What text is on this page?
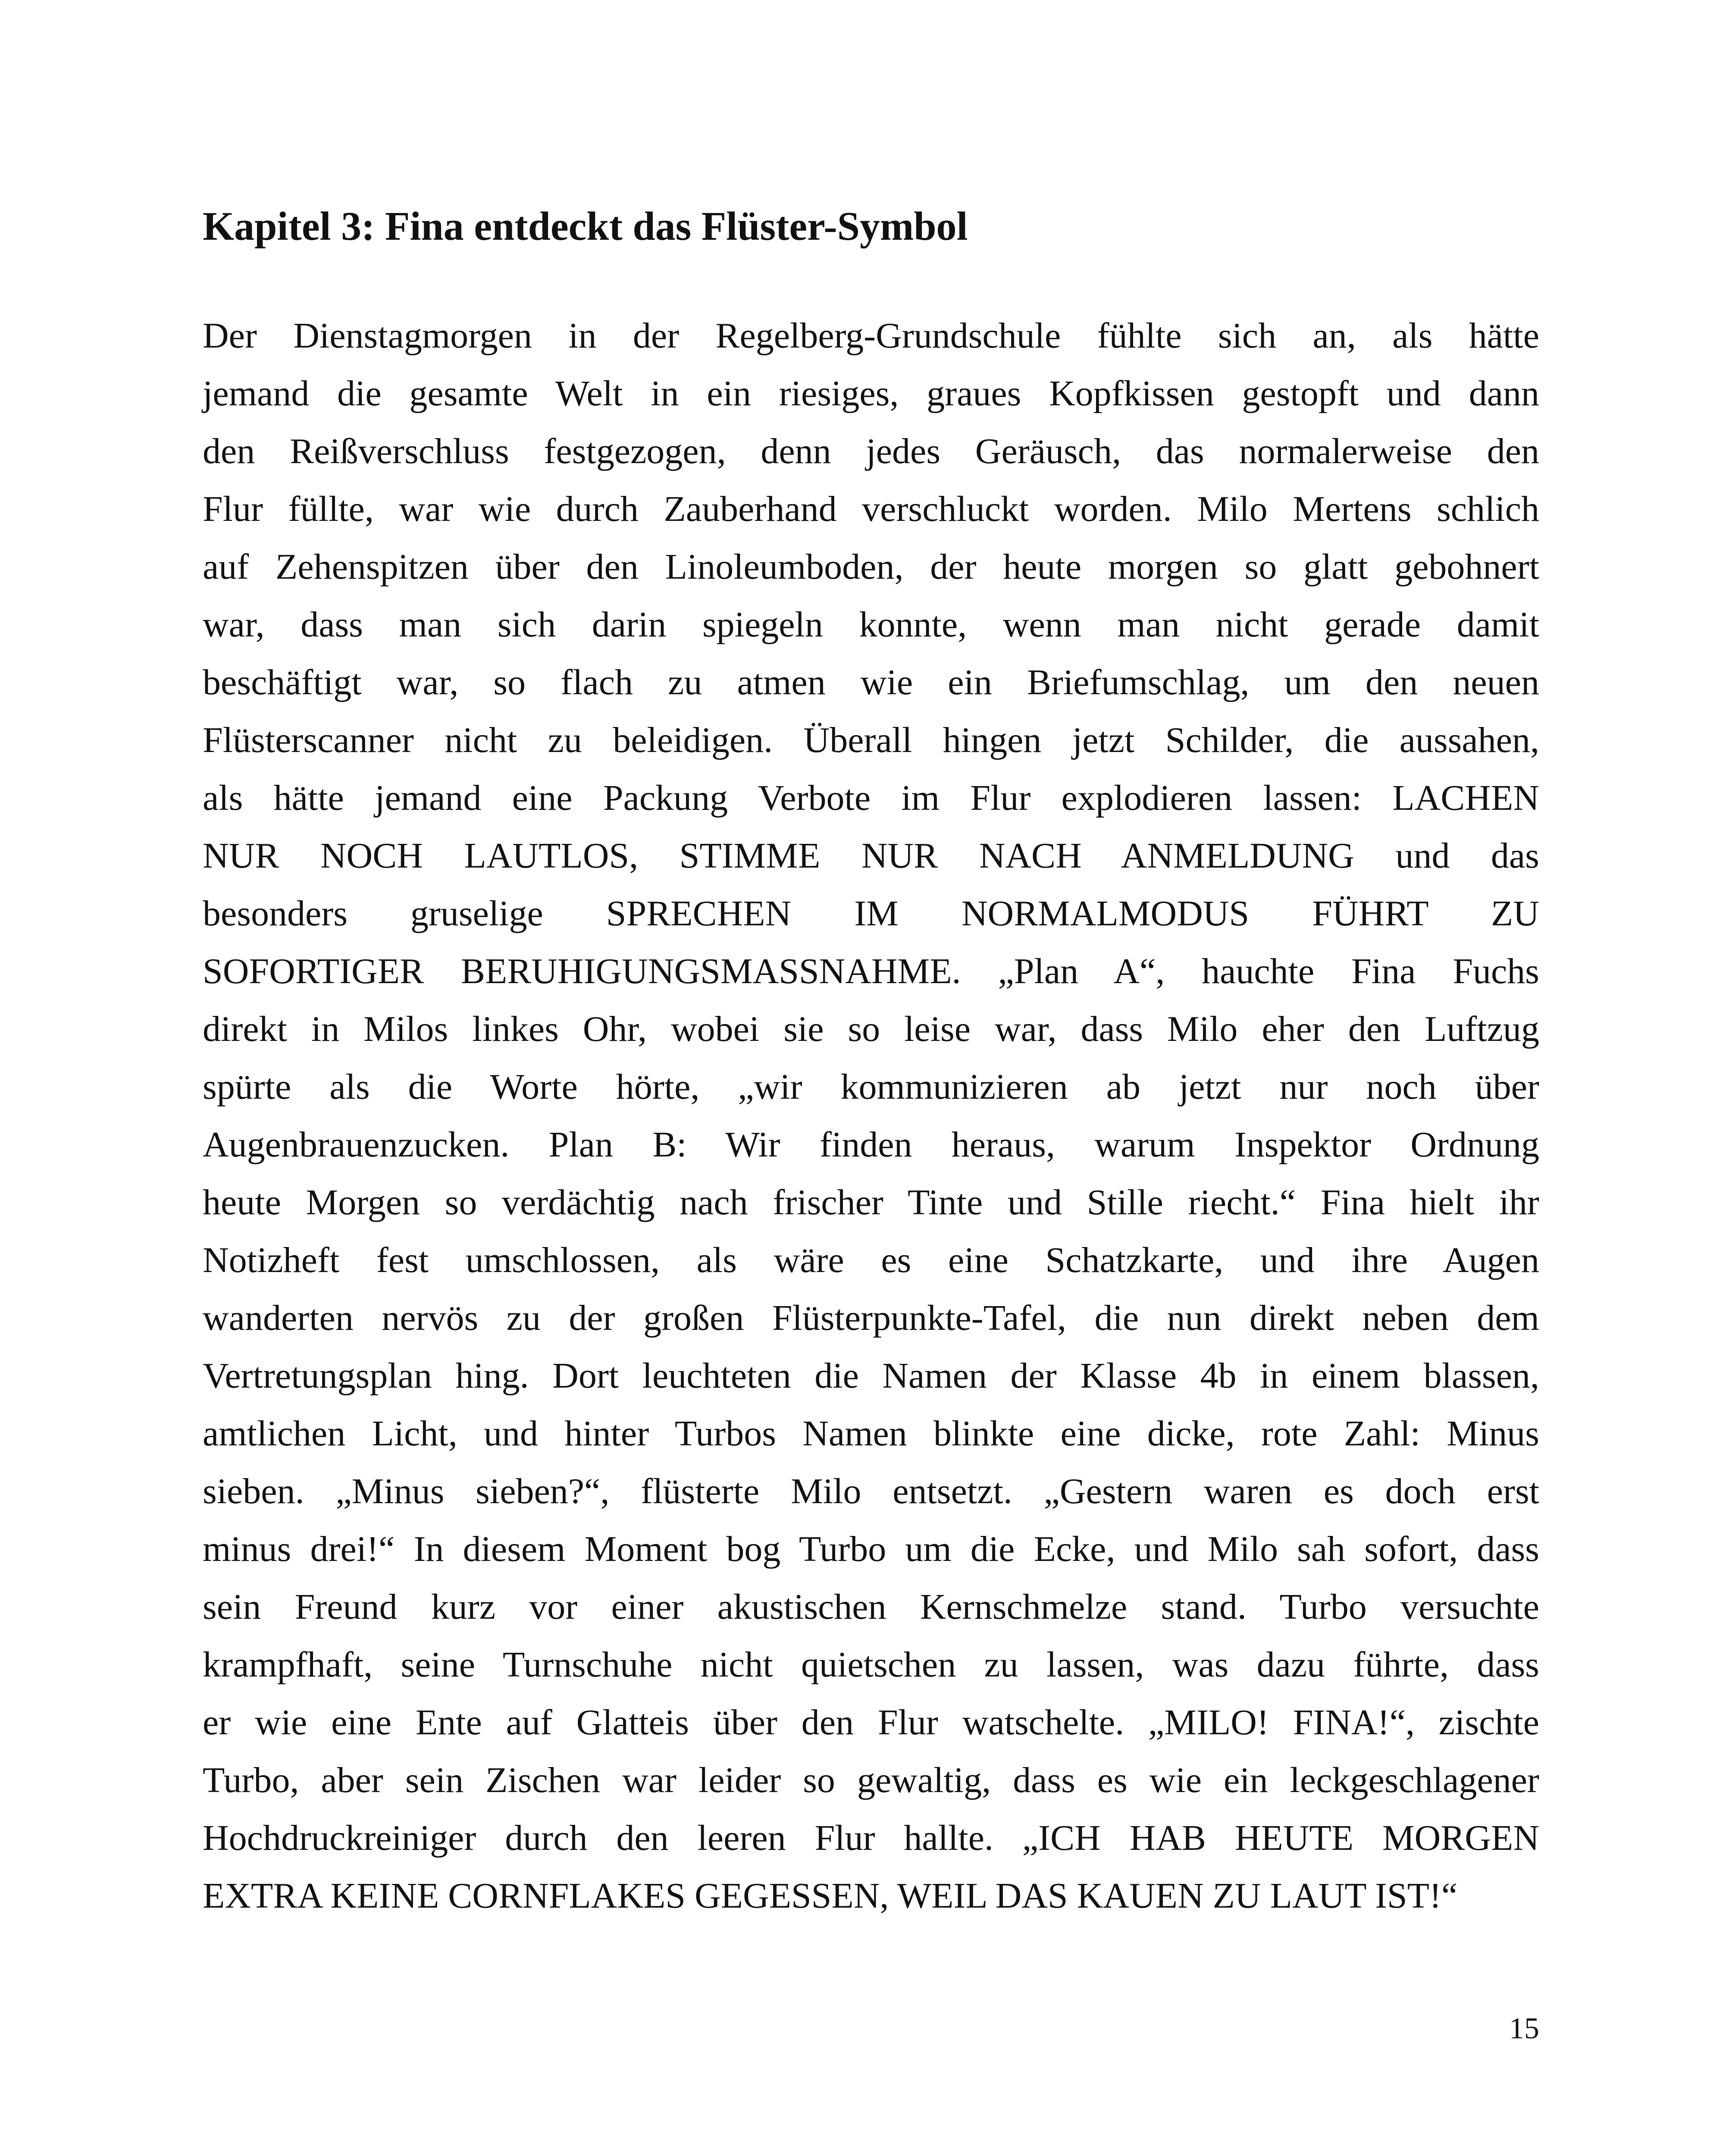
Kapitel 3: Fina entdeckt das Flüster-Symbol
Der Dienstagmorgen in der Regelberg-Grundschule fühlte sich an, als hätte
jemand die gesamte Welt in ein riesiges, graues Kopfkissen gestopft und dann
den Reißverschluss festgezogen, denn jedes Geräusch, das normalerweise den
Flur füllte, war wie durch Zauberhand verschluckt worden. Milo Mertens schlich
auf Zehenspitzen über den Linoleumboden, der heute morgen so glatt gebohnert
war, dass man sich darin spiegeln konnte, wenn man nicht gerade damit
beschäftigt war, so flach zu atmen wie ein Briefumschlag, um den neuen
Flüsterscanner nicht zu beleidigen. Überall hingen jetzt Schilder, die aussahen,
als hätte jemand eine Packung Verbote im Flur explodieren lassen: LACHEN
NUR NOCH LAUTLOS, STIMME NUR NACH ANMELDUNG und das
besonders gruselige SPRECHEN IM NORMALMODUS FÜHRT ZU
SOFORTIGER BERUHIGUNGSMASSNAHME. „Plan A“, hauchte Fina Fuchs
direkt in Milos linkes Ohr, wobei sie so leise war, dass Milo eher den Luftzug
spürte als die Worte hörte, „wir kommunizieren ab jetzt nur noch über
Augenbrauenzucken. Plan B: Wir finden heraus, warum Inspektor Ordnung
heute Morgen so verdächtig nach frischer Tinte und Stille riecht.“ Fina hielt ihr
Notizheft fest umschlossen, als wäre es eine Schatzkarte, und ihre Augen
wanderten nervös zu der großen Flüsterpunkte-Tafel, die nun direkt neben dem
Vertretungsplan hing. Dort leuchteten die Namen der Klasse 4b in einem blassen,
amtlichen Licht, und hinter Turbos Namen blinkte eine dicke, rote Zahl: Minus
sieben. „Minus sieben?“, flüsterte Milo entsetzt. „Gestern waren es doch erst
minus drei!“ In diesem Moment bog Turbo um die Ecke, und Milo sah sofort, dass
sein Freund kurz vor einer akustischen Kernschmelze stand. Turbo versuchte
krampfhaft, seine Turnschuhe nicht quietschen zu lassen, was dazu führte, dass
er wie eine Ente auf Glatteis über den Flur watschelte. „MILO! FINA!“, zischte
Turbo, aber sein Zischen war leider so gewaltig, dass es wie ein leckgeschlagener
Hochdruckreiniger durch den leeren Flur hallte. „ICH HAB HEUTE MORGEN
EXTRA KEINE CORNFLAKES GEGESSEN, WEIL DAS KAUEN ZU LAUT IST!“
15
